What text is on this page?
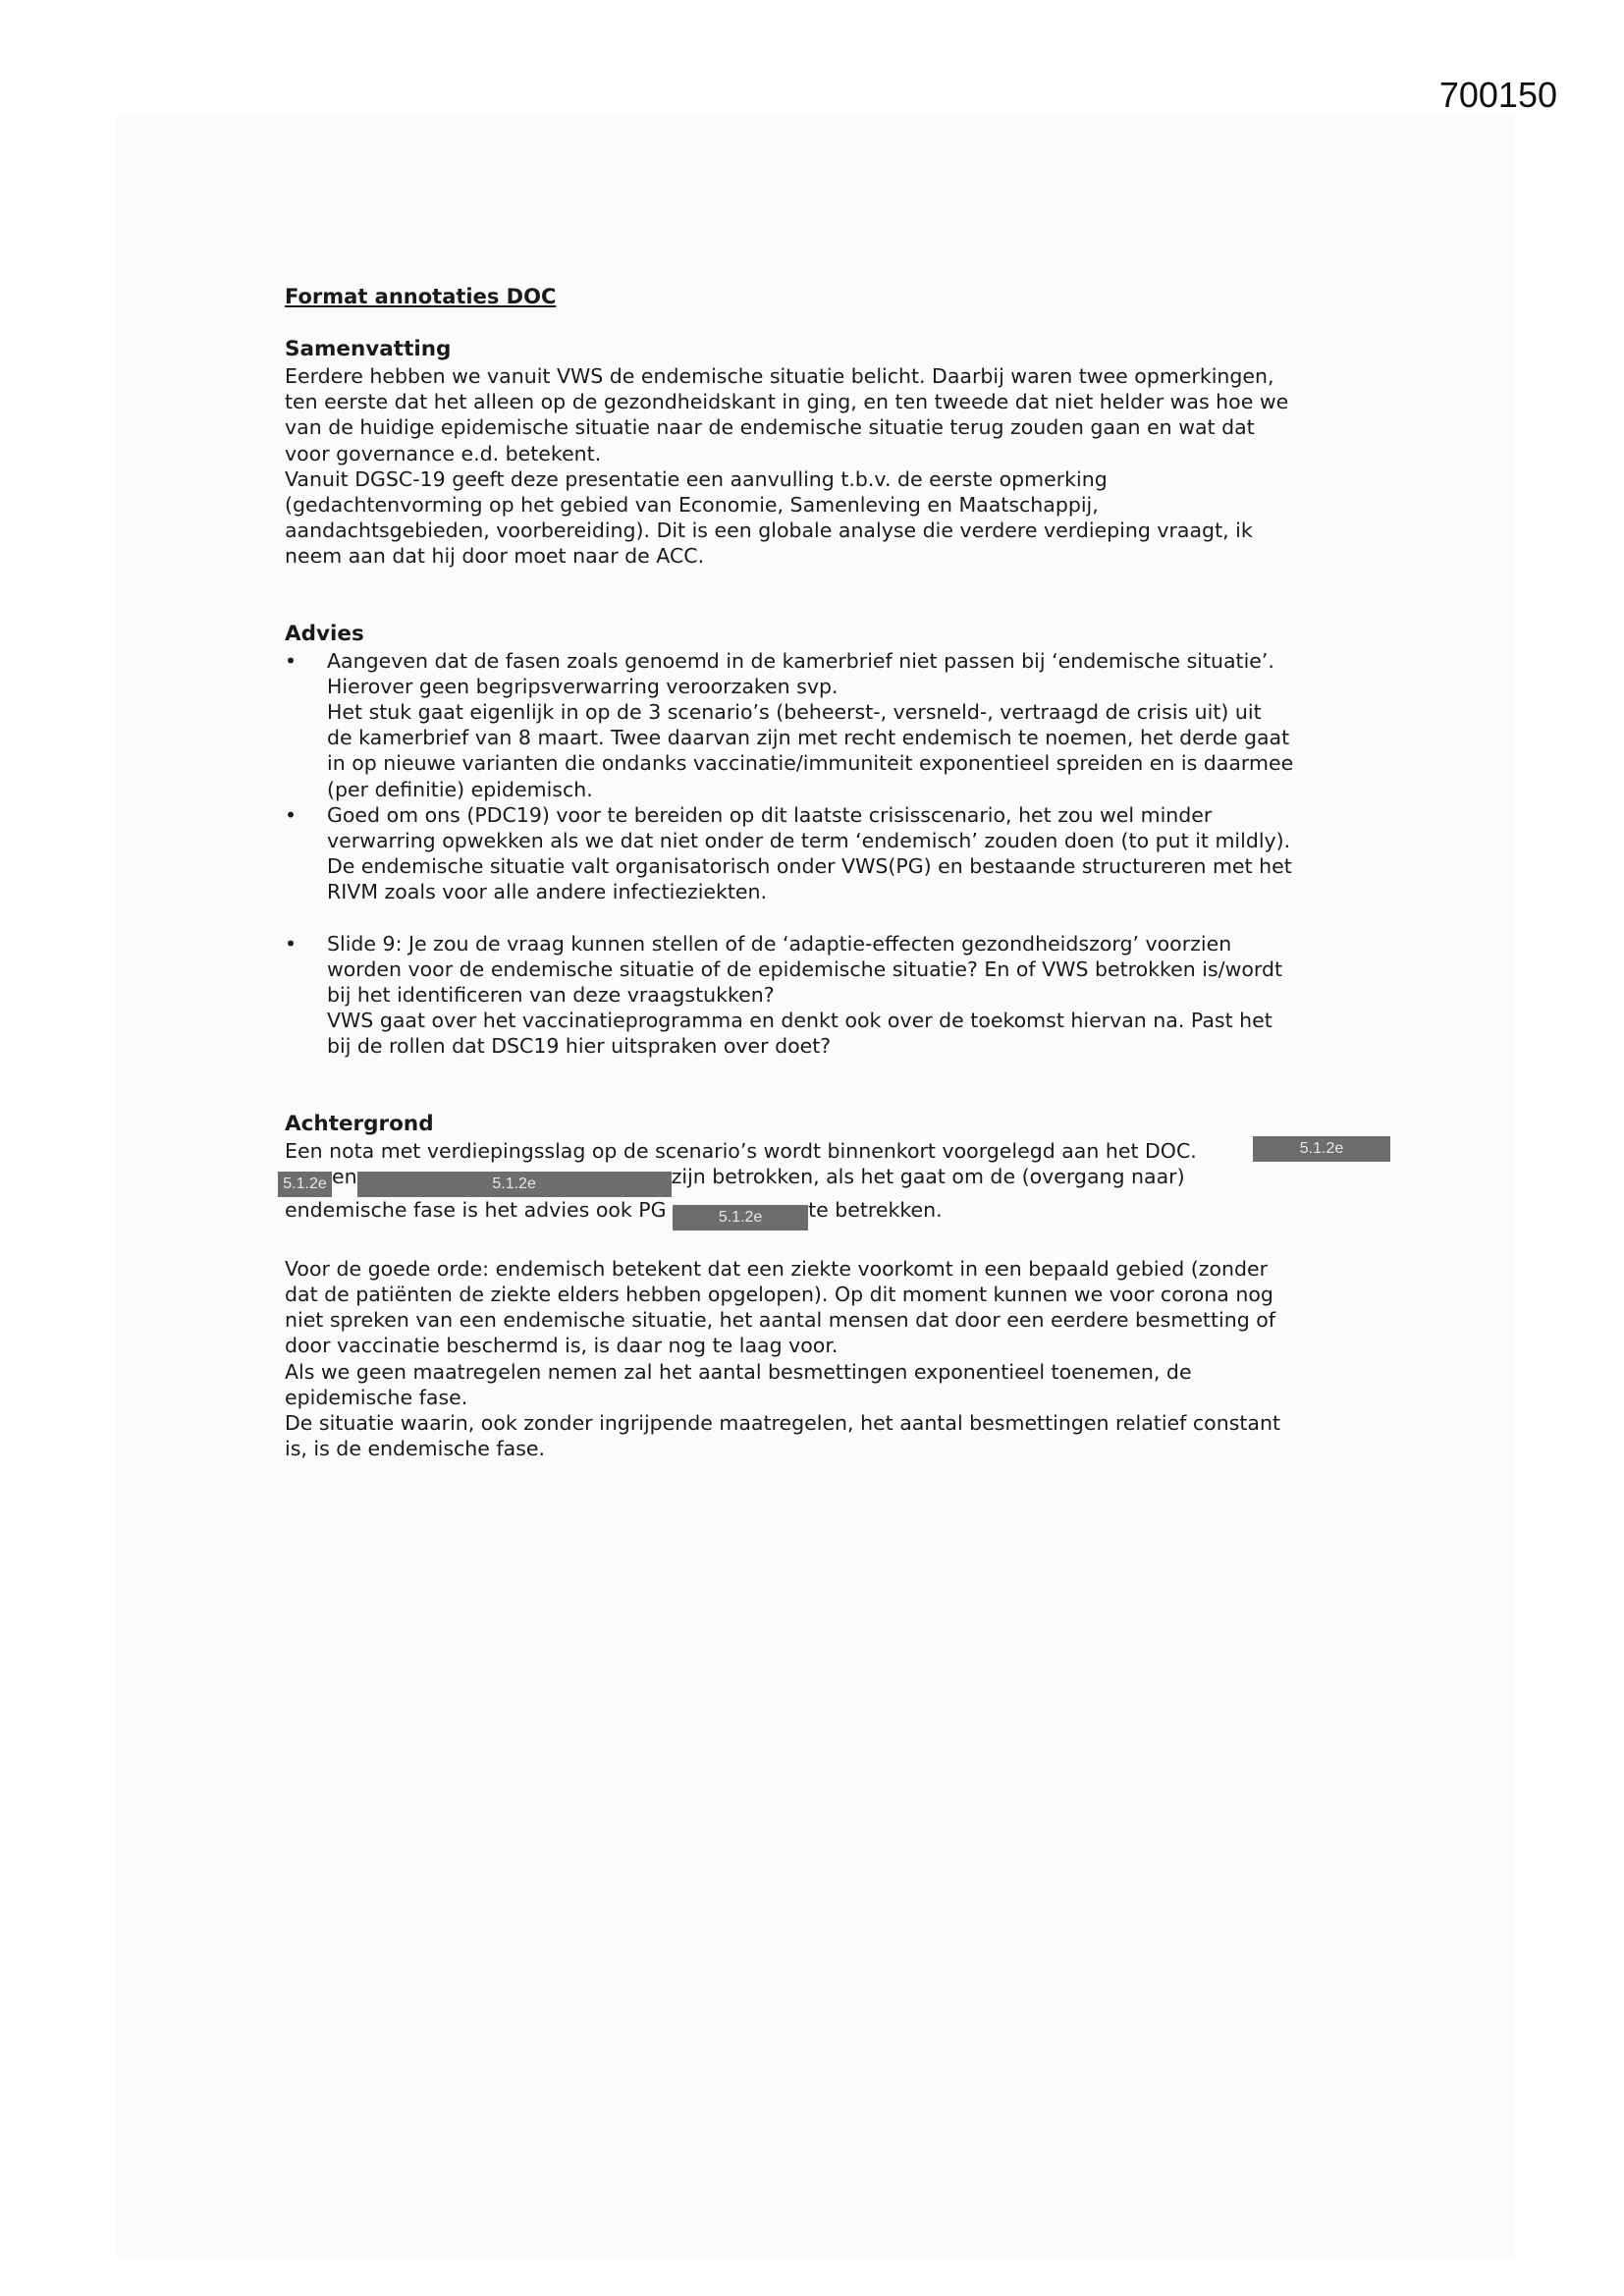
700150
Format annotaties DOC
Samenvatting

Eerdere hebben we vanuit VWS de endemische situatie belicht. Daarbij waren twee opmerkingen,

ten eerste dat het alleen op de gezondheidskant in ging, en ten tweede dat niet helder was hoe we

van de huidige epidemische situatie naar de endemische situatie terug zouden gaan en wat dat

voor governance e.d. betekent.

Vanuit DGSC-19 geeft deze presentatie een aanvulling t.b.v. de eerste opmerking

(gedachtenvorming op het gebied van Economie, Samenleving en Maatschappij,

aandachtsgebieden, voorbereiding). Dit is een globale analyse die verdere verdieping vraagt, ik

neem aan dat hij door moet naar de ACC.

Advies

• Aangeven dat de fasen zoals genoemd in de kamerbrief niet passen bij ‘endemische situatie’.

Hierover geen begripsverwarring veroorzaken svp.

Het stuk gaat eigenlijk in op de 3 scenario’s (beheerst-, versneld-, vertraagd de crisis uit) uit

de kamerbrief van 8 maart. Twee daarvan zijn met recht endemisch te noemen, het derde gaat

in op nieuwe varianten die ondanks vaccinatie/immuniteit exponentieel spreiden en is daarmee

(per definitie) epidemisch.

• Goed om ons (PDC19) voor te bereiden op dit laatste crisisscenario, het zou wel minder

verwarring opwekken als we dat niet onder de term ‘endemisch’ zouden doen (to put it mildly).

De endemische situatie valt organisatorisch onder VWS(PG) en bestaande structureren met het

RIVM zoals voor alle andere infectieziekten.

• Slide 9: Je zou de vraag kunnen stellen of de ‘adaptie-effecten gezondheidszorg’ voorzien

worden voor de endemische situatie of de epidemische situatie? En of VWS betrokken is/wordt

bij het identificeren van deze vraagstukken?

VWS gaat over het vaccinatieprogramma en denkt ook over de toekomst hiervan na. Past het

bij de rollen dat DSC19 hier uitspraken over doet?

Achtergrond

Een nota met verdiepingsslag op de scenario’s wordt binnenkort voorgelegd aan het DOC.	5.1.2e

5.1.2e en	5.1.2e	zijn betrokken, als het gaat om de (overgang naar)

endemische fase is het advies ook PG	5.1.2e te betrekken.

Voor de goede orde: endemisch betekent dat een ziekte voorkomt in een bepaald gebied (zonder

dat de patiënten de ziekte elders hebben opgelopen). Op dit moment kunnen we voor corona nog

niet spreken van een endemische situatie, het aantal mensen dat door een eerdere besmetting of

door vaccinatie beschermd is, is daar nog te laag voor.

Als we geen maatregelen nemen zal het aantal besmettingen exponentieel toenemen, de

epidemische fase.

De situatie waarin, ook zonder ingrijpende maatregelen, het aantal besmettingen relatief constant

is, is de endemische fase.
